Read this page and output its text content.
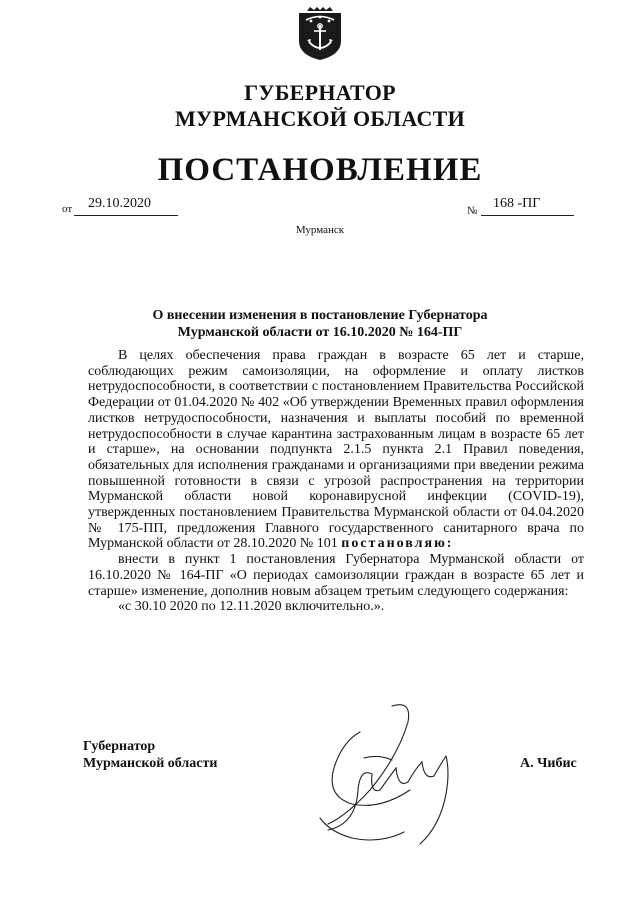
ГУБЕРНАТОР
МУРМАНСКОЙ ОБЛАСТИ
ПОСТАНОВЛЕНИЕ
от 29.10.2020	№ 168 -ПГ
Мурманск
О внесении изменения в постановление Губернатора
Мурманской области от 16.10.2020 № 164-ПГ

В целях обеспечения права граждан в возрасте 65 лет и старше, соблюдающих режим самоизоляции, на оформление и оплату листков нетрудоспособности, в соответствии с постановлением Правительства Российской Федерации от 01.04.2020 № 402 «Об утверждении Временных правил оформления листков нетрудоспособности, назначения и выплаты пособий по временной нетрудоспособности в случае карантина застрахованным лицам в возрасте 65 лет и старше», на основании подпункта 2.1.5 пункта 2.1 Правил поведения, обязательных для исполнения гражданами и организациями при введении режима повышенной готовности в связи с угрозой распространения на территории Мурманской области новой коронавирусной инфекции (COVID-19), утвержденных постановлением Правительства Мурманской области от 04.04.2020 № 175-ПП, предложения Главного государственного санитарного врача по Мурманской области от 28.10.2020 № 101 постановляю:

внести в пункт 1 постановления Губернатора Мурманской области от 16.10.2020 № 164-ПГ «О периодах самоизоляции граждан в возрасте 65 лет и старше» изменение, дополнив новым абзацем третьим следующего содержания:

«с 30.10 2020 по 12.11.2020 включительно.».

Губернатор
Мурманской области	А. Чибис
